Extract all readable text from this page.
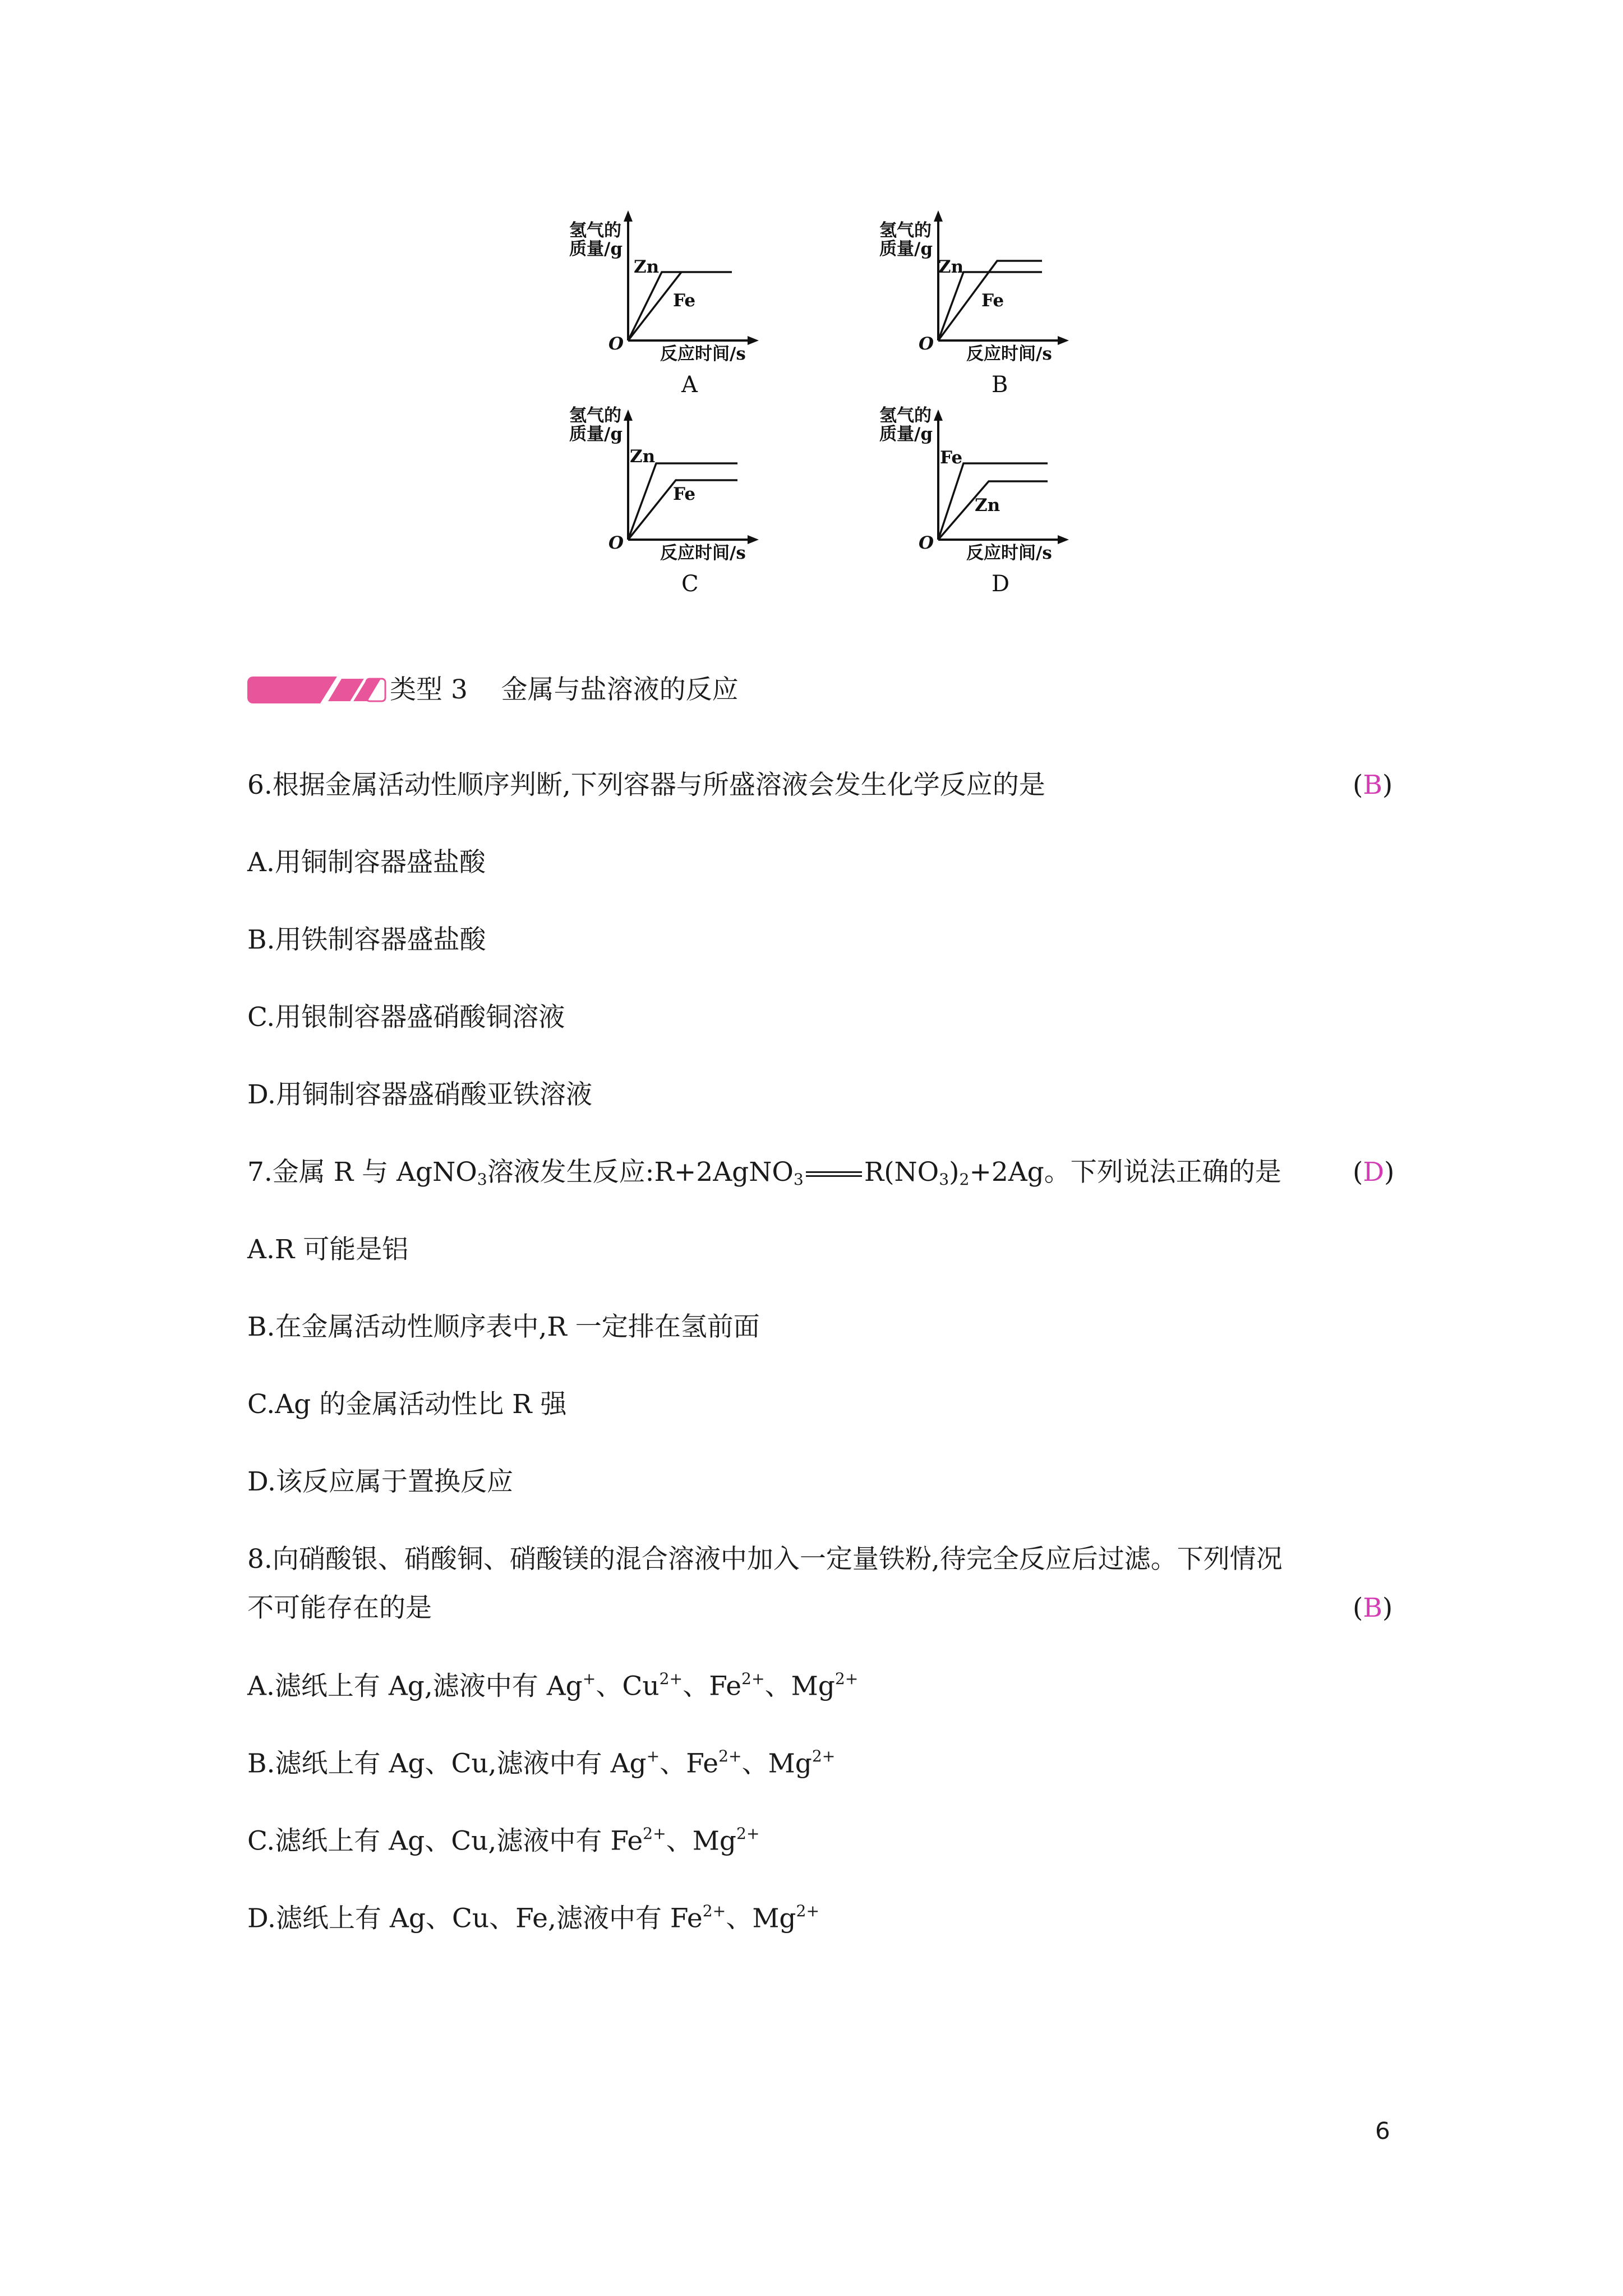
氢气的质量/g
Zn
Fe
O 反应时间/s
A
氢气的质量/g
Zn
Fe
O 反应时间/s
B
氢气的质量/g
Zn
Fe
O 反应时间/s
C
氢气的质量/g
Fe
Zn
O 反应时间/s
D
类型 3 金属与盐溶液的反应
6.根据金属活动性顺序判断,下列容器与所盛溶液会发生化学反应的是	(B)
A.用铜制容器盛盐酸
B.用铁制容器盛盐酸
C.用银制容器盛硝酸铜溶液
D.用铜制容器盛硝酸亚铁溶液
7.金属 R 与 AgNO$_3$溶液发生反应:R+2AgNO$_3$ $R(NO_3)_2+2Ag$。下列说法正确的是	(D)
A.R 可能是铝
B.在金属活动性顺序表中,R 一定排在氢前面
C.Ag 的金属活动性比 R 强
D.该反应属于置换反应
8.向硝酸银、硝酸铜、硝酸镁的混合溶液中加入一定量铁粉,待完全反应后过滤。下列情况
不可能存在的是	(B)
A.滤纸上有 Ag,滤液中有 Ag+、$Cu^{2+}$、$Fe^{2+}$、$Mg^{2+}$
B.滤纸上有 Ag、Cu,滤液中有 Ag+、$Fe^{2+}$、$Mg^{2+}$
C.滤纸上有 Ag、Cu,滤液中有 $Fe^{2+}$、$Mg^{2+}$
D.滤纸上有 Ag、Cu、Fe,滤液中有 $Fe^{2+}$、$Mg^{2+}$
6
